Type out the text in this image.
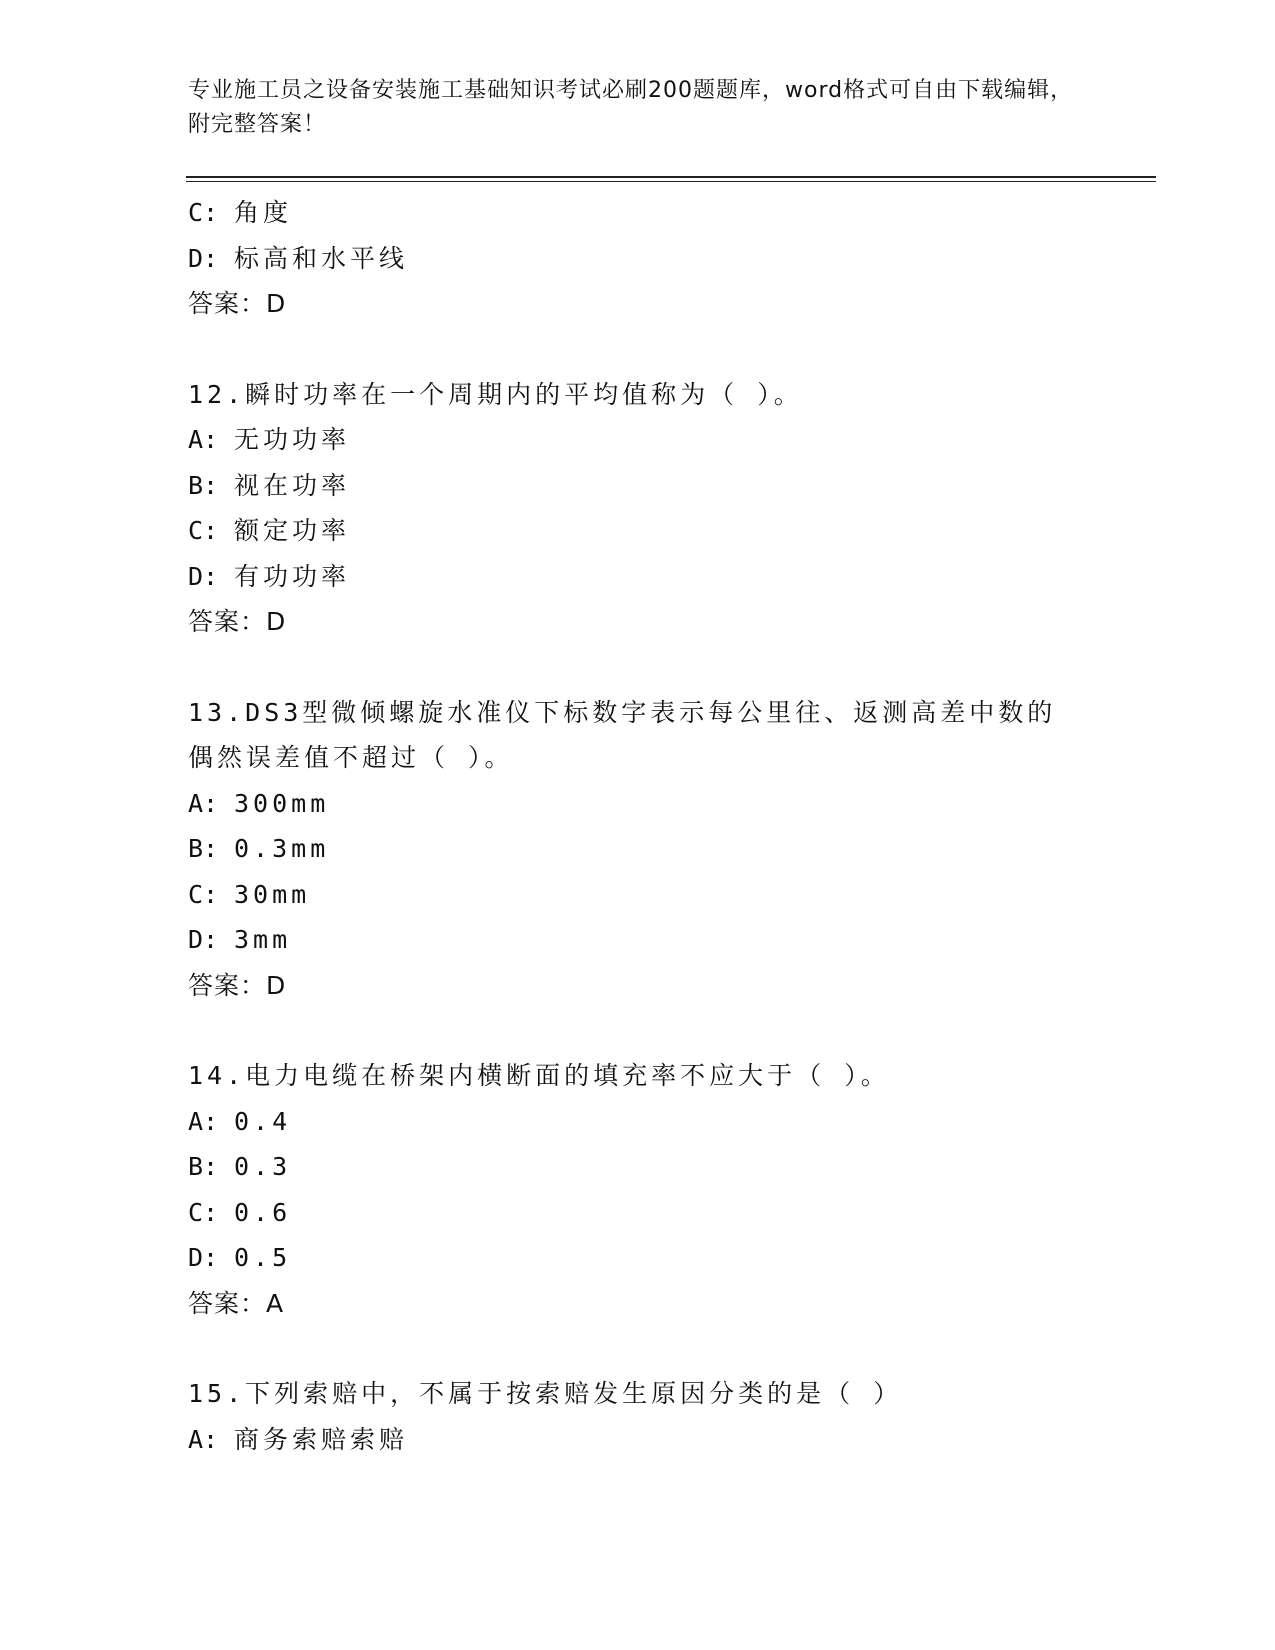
专业施工员之设备安装施工基础知识考试必刷200题题库，word格式可自由下载编辑，附完整答案！
C: 角度
D: 标高和水平线
答案：D
12.瞬时功率在一个周期内的平均值称为（ ）。
A: 无功功率
B: 视在功率
C: 额定功率
D: 有功功率
答案：D
13.DS3型微倾螺旋水准仪下标数字表示每公里往、返测高差中数的偶然误差值不超过（ ）。
A: 300mm
B: 0.3mm
C: 30mm
D: 3mm
答案：D
14.电力电缆在桥架内横断面的填充率不应大于（ ）。
A: 0.4
B: 0.3
C: 0.6
D: 0.5
答案：A
15.下列索赔中，不属于按索赔发生原因分类的是（ ）
A: 商务索赔索赔
